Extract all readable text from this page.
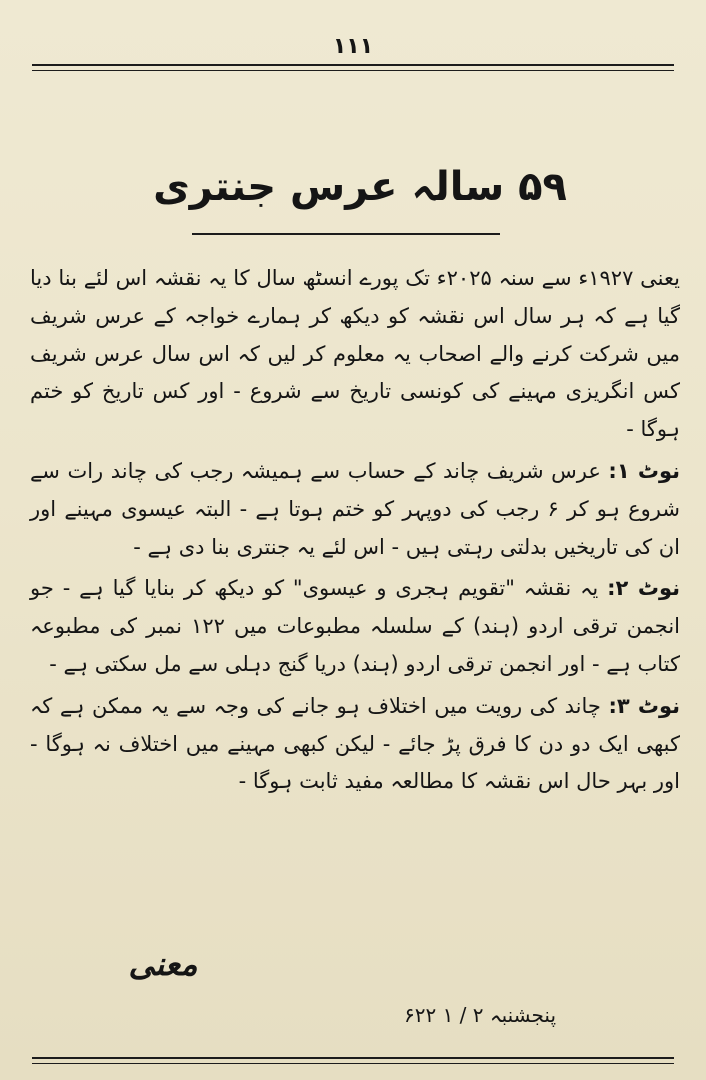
۱۱۱
۵۹ سالہ عرس جنتری

یعنی ۱۹۲۷ء سے سنہ ۲۰۲۵ء تک پورے انسٹھ سال کا یہ نقشہ اس لئے بنا دیا گیا ہے کہ ہر سال اس نقشہ کو دیکھ کر ہمارے خواجہ کے عرس شریف میں شرکت کرنے والے اصحاب یہ معلوم کر لیں کہ اس سال عرس شریف کس انگریزی مہینے کی کونسی تاریخ سے شروع - اور کس تاریخ کو ختم ہوگا -

نوٹ ۱: عرس شریف چاند کے حساب سے ہمیشہ رجب کی چاند رات سے شروع ہو کر ۶ رجب کی دوپہر کو ختم ہوتا ہے - البتہ عیسوی مہینے اور ان کی تاریخیں بدلتی رہتی ہیں - اس لئے یہ جنتری بنا دی ہے -

نوٹ ۲: یہ نقشہ "تقویم ہجری و عیسوی" کو دیکھ کر بنایا گیا ہے - جو انجمن ترقی اردو (ہند) کے سلسلہ مطبوعات میں ۱۲۲ نمبر کی مطبوعہ کتاب ہے - اور انجمن ترقی اردو (ہند) دریا گنج دہلی سے مل سکتی ہے -

نوٹ ۳: چاند کی رویت میں اختلاف ہو جانے کی وجہ سے یہ ممکن ہے کہ کبھی ایک دو دن کا فرق پڑ جائے - لیکن کبھی مہینے میں اختلاف نہ ہوگا - اور بہر حال اس نقشہ کا مطالعہ مفید ثابت ہوگا -

معنی
پنجشنبہ ۲ / ۱ ۶۲۲
